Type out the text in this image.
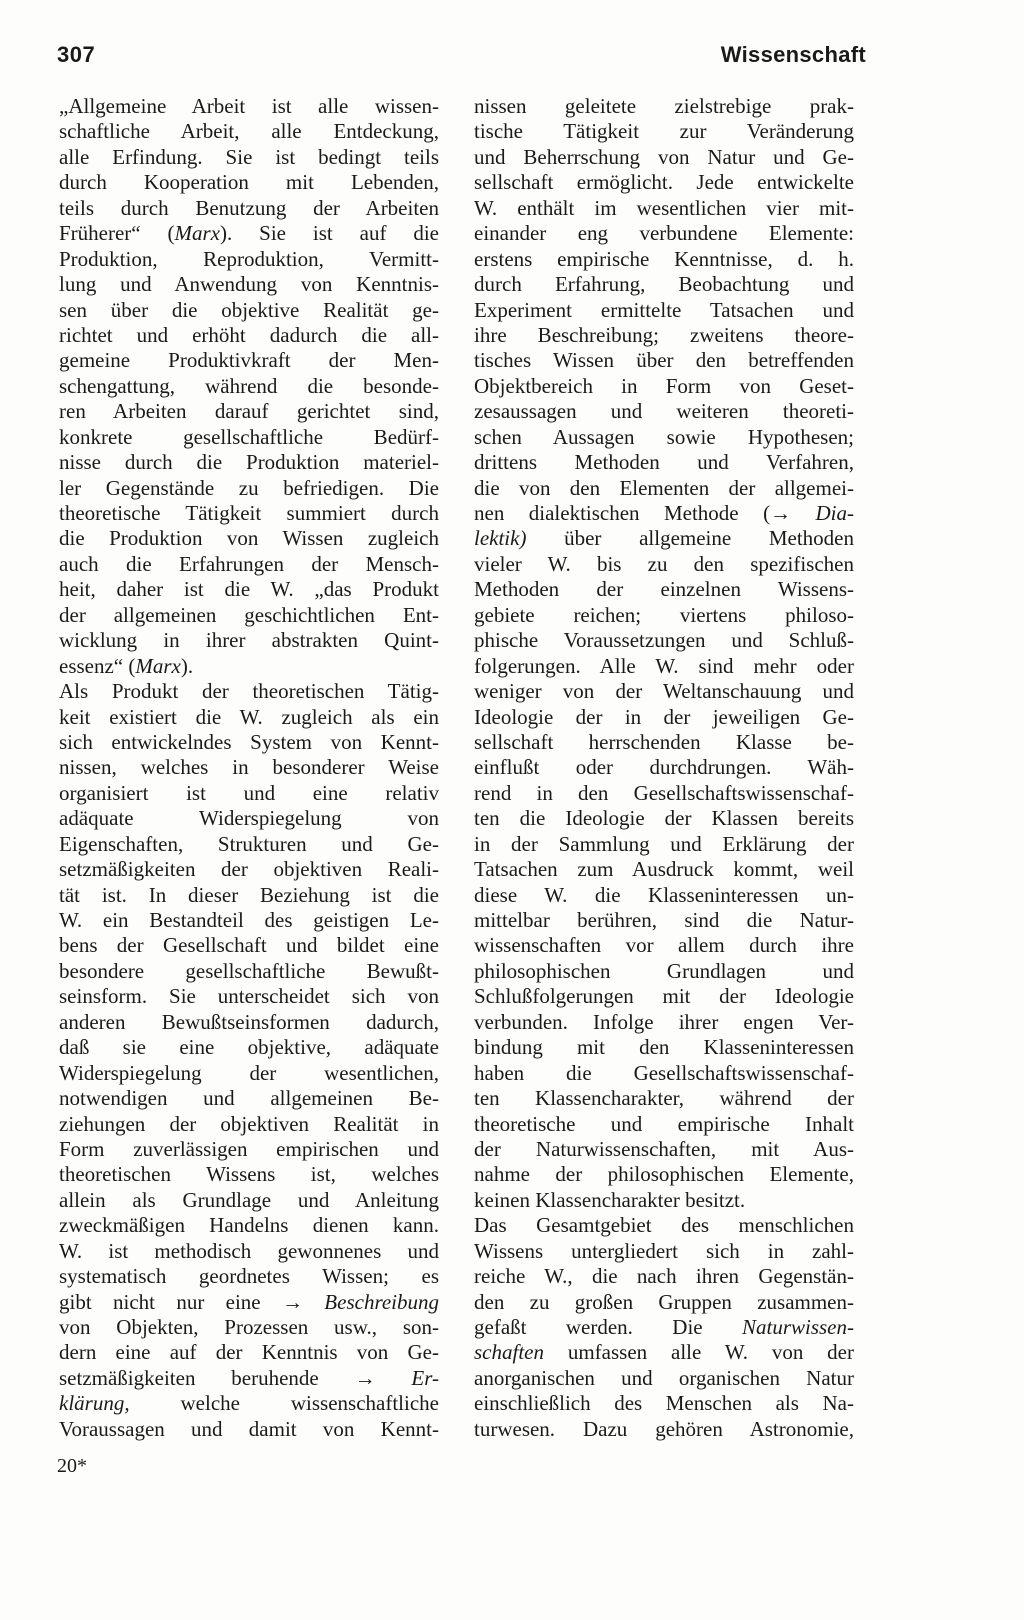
307	Wissenschaft
„Allgemeine Arbeit ist alle wissen-
schaftliche Arbeit, alle Entdeckung,
alle Erfindung. Sie ist bedingt teils
durch Kooperation mit Lebenden,
teils durch Benutzung der Arbeiten
Früherer“ (Marx). Sie ist auf die
Produktion, Reproduktion, Vermitt-
lung und Anwendung von Kenntnis-
sen über die objektive Realität ge-
richtet und erhöht dadurch die all-
gemeine Produktivkraft der Men-
schengattung, während die besonde-
ren Arbeiten darauf gerichtet sind,
konkrete gesellschaftliche Bedürf-
nisse durch die Produktion materiel-
ler Gegenstände zu befriedigen. Die
theoretische Tätigkeit summiert durch
die Produktion von Wissen zugleich
auch die Erfahrungen der Mensch-
heit, daher ist die W. „das Produkt
der allgemeinen geschichtlichen Ent-
wicklung in ihrer abstrakten Quint-
essenz“ (Marx).
Als Produkt der theoretischen Tätig-
keit existiert die W. zugleich als ein
sich entwickelndes System von Kennt-
nissen, welches in besonderer Weise
organisiert ist und eine relativ
adäquate Widerspiegelung von
Eigenschaften, Strukturen und Ge-
setzmäßigkeiten der objektiven Reali-
tät ist. In dieser Beziehung ist die
W. ein Bestandteil des geistigen Le-
bens der Gesellschaft und bildet eine
besondere gesellschaftliche Bewußt-
seinsform. Sie unterscheidet sich von
anderen Bewußtseinsformen dadurch,
daß sie eine objektive, adäquate
Widerspiegelung der wesentlichen,
notwendigen und allgemeinen Be-
ziehungen der objektiven Realität in
Form zuverlässigen empirischen und
theoretischen Wissens ist, welches
allein als Grundlage und Anleitung
zweckmäßigen Handelns dienen kann.
W. ist methodisch gewonnenes und
systematisch geordnetes Wissen; es
gibt nicht nur eine → Beschreibung
von Objekten, Prozessen usw., son-
dern eine auf der Kenntnis von Ge-
setzmäßigkeiten beruhende → Er-
klärung, welche wissenschaftliche
Voraussagen und damit von Kennt-
nissen geleitete zielstrebige prak-
tische Tätigkeit zur Veränderung
und Beherrschung von Natur und Ge-
sellschaft ermöglicht. Jede entwickelte
W. enthält im wesentlichen vier mit-
einander eng verbundene Elemente:
erstens empirische Kenntnisse, d. h.
durch Erfahrung, Beobachtung und
Experiment ermittelte Tatsachen und
ihre Beschreibung; zweitens theore-
tisches Wissen über den betreffenden
Objektbereich in Form von Geset-
zesaussagen und weiteren theoreti-
schen Aussagen sowie Hypothesen;
drittens Methoden und Verfahren,
die von den Elementen der allgemei-
nen dialektischen Methode (→ Dia-
lektik) über allgemeine Methoden
vieler W. bis zu den spezifischen
Methoden der einzelnen Wissens-
gebiete reichen; viertens philoso-
phische Voraussetzungen und Schluß-
folgerungen. Alle W. sind mehr oder
weniger von der Weltanschauung und
Ideologie der in der jeweiligen Ge-
sellschaft herrschenden Klasse be-
einflußt oder durchdrungen. Wäh-
rend in den Gesellschaftswissenschaf-
ten die Ideologie der Klassen bereits
in der Sammlung und Erklärung der
Tatsachen zum Ausdruck kommt, weil
diese W. die Klasseninteressen un-
mittelbar berühren, sind die Natur-
wissenschaften vor allem durch ihre
philosophischen Grundlagen und
Schlußfolgerungen mit der Ideologie
verbunden. Infolge ihrer engen Ver-
bindung mit den Klasseninteressen
haben die Gesellschaftswissenschaf-
ten Klassencharakter, während der
theoretische und empirische Inhalt
der Naturwissenschaften, mit Aus-
nahme der philosophischen Elemente,
keinen Klassencharakter besitzt.
Das Gesamtgebiet des menschlichen
Wissens untergliedert sich in zahl-
reiche W., die nach ihren Gegenstän-
den zu großen Gruppen zusammen-
gefaßt werden. Die Naturwissen-
schaften umfassen alle W. von der
anorganischen und organischen Natur
einschließlich des Menschen als Na-
turwesen. Dazu gehören Astronomie,
20*
